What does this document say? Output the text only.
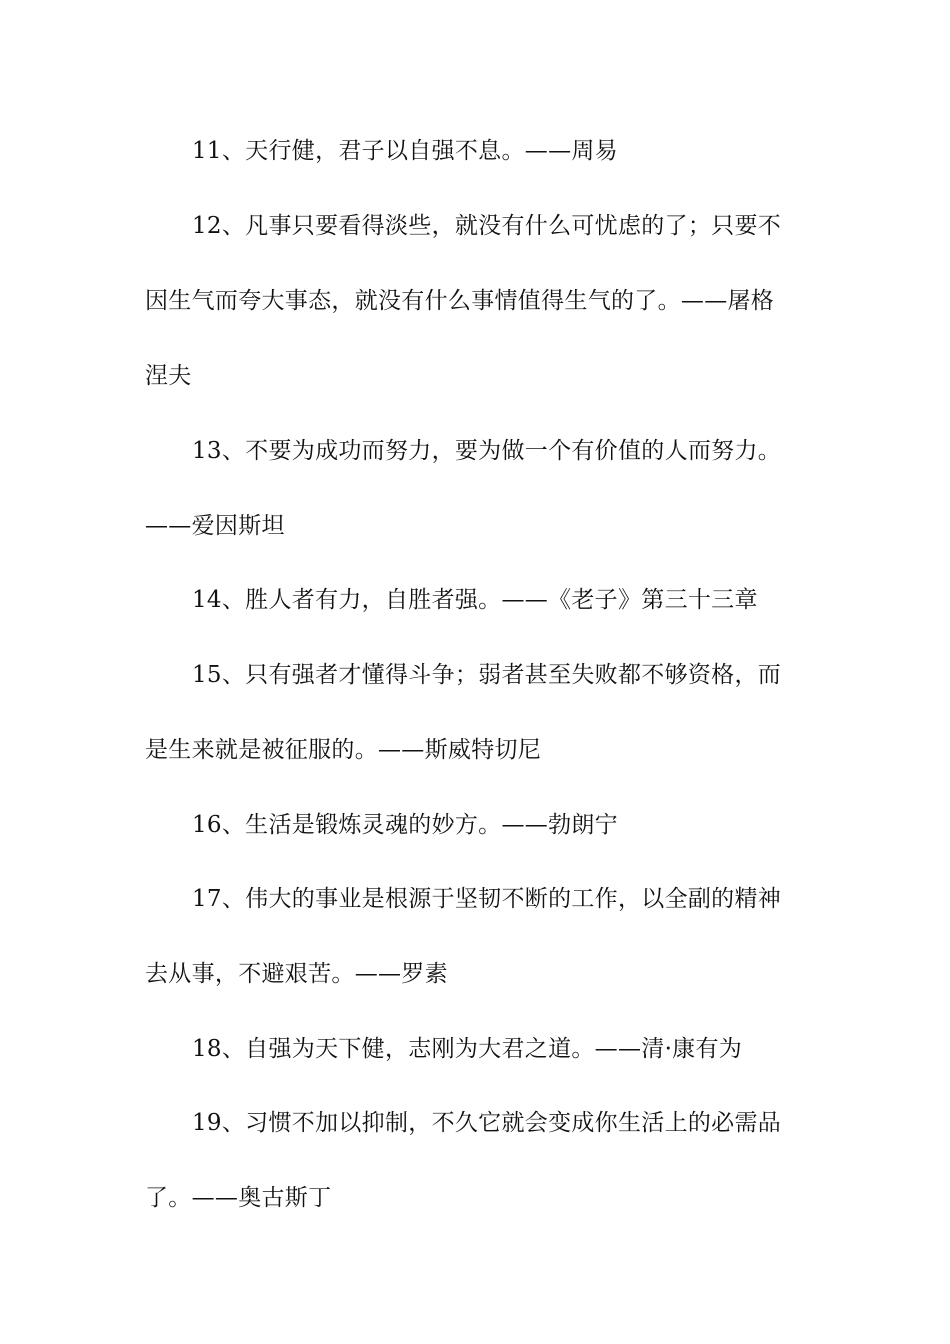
11、天行健，君子以自强不息。——周易
12、凡事只要看得淡些，就没有什么可忧虑的了；只要不
因生气而夸大事态，就没有什么事情值得生气的了。——屠格
涅夫
13、不要为成功而努力，要为做一个有价值的人而努力。
——爱因斯坦
14、胜人者有力，自胜者强。——《老子》第三十三章
15、只有强者才懂得斗争；弱者甚至失败都不够资格，而
是生来就是被征服的。——斯威特切尼
16、生活是锻炼灵魂的妙方。——勃朗宁
17、伟大的事业是根源于坚韧不断的工作，以全副的精神
去从事，不避艰苦。——罗素
18、自强为天下健，志刚为大君之道。——清·康有为
19、习惯不加以抑制，不久它就会变成你生活上的必需品
了。——奥古斯丁
